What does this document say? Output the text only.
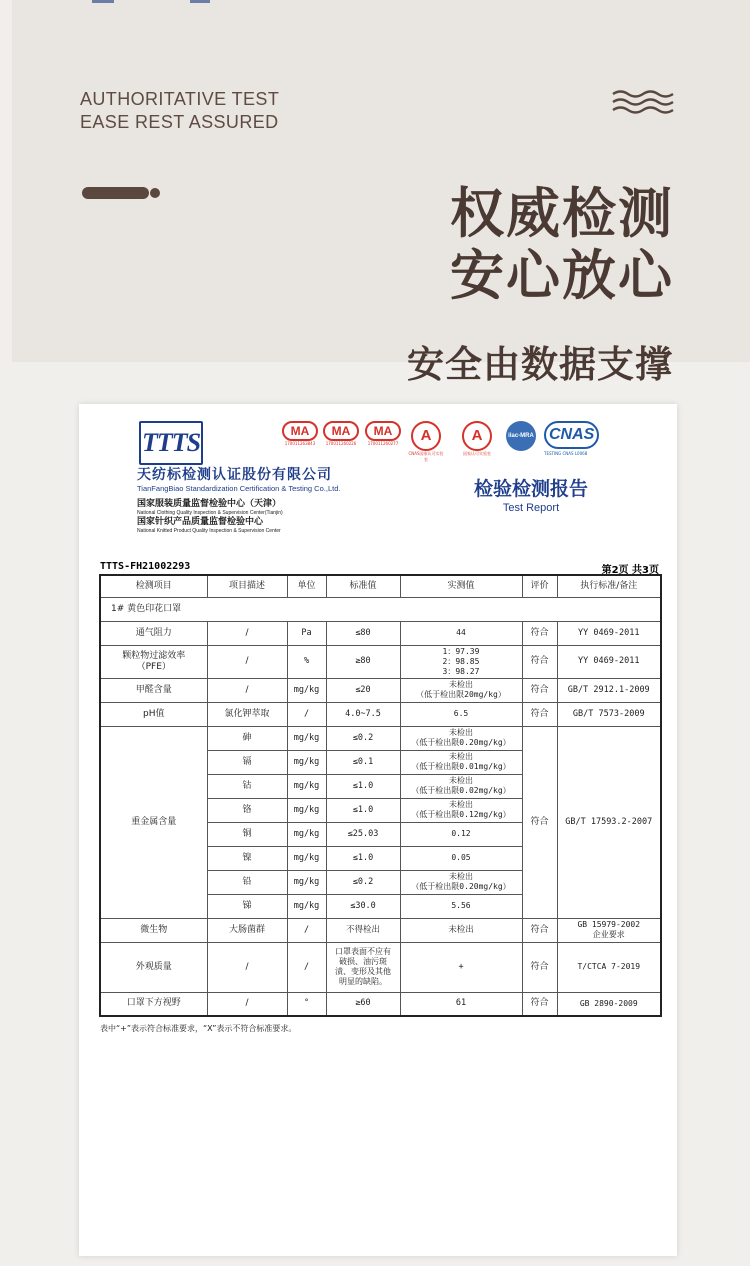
AUTHORITATIVE TEST
EASE REST ASSURED
权威检测
安心放心
安全由数据支撑
TTTS
天纺标检测认证股份有限公司
TianFangBiao Standardization Certification & Testing Co.,Ltd.
国家服装质量监督检验中心（天津）
National Clothing Quality Inspection & Supervision Center(Tianjin)
国家针织产品质量监督检验中心
National Knitted Product Quality Inspection & Supervision Center
MA
170011263843
MA
170011260226
MA
170011260277	A
CNAS国家认可实验室
A
国家认可实验室
ilac-MRA CNAS
TESTING CNAS L0068
检验检测报告
Test Report
TTTS-FH21002293	第2页 共3页
检测项目	项目描述	单位	标准值	实测值	评价	执行标准/备注
1# 黄色印花口罩						
通气阻力	/	Pa	≤80	44	符合	YY 0469-2011
颗粒物过滤效率
（PFE）	/	%	≥80	1：97.39
2：98.85
3：98.27	符合	YY 0469-2011
甲醛含量	/	mg/kg	≤20	未检出
（低于检出限20mg/kg）	符合	GB/T 2912.1-2009
pH值	氯化钾萃取	/	4.0~7.5	6.5	符合	GB/T 7573-2009
重金属含量	砷	mg/kg	≤0.2	未检出
（低于检出限0.20mg/kg）	符合	GB/T 17593.2-2007
	镉	mg/kg	≤0.1	未检出
（低于检出限0.01mg/kg）		
	钴	mg/kg	≤1.0	未检出
（低于检出限0.02mg/kg）		
	铬	mg/kg	≤1.0	未检出
（低于检出限0.12mg/kg）		
	铜	mg/kg	≤25.03	0.12		
	镍	mg/kg	≤1.0	0.05		
	铅	mg/kg	≤0.2	未检出
（低于检出限0.20mg/kg）		
	锑	mg/kg	≤30.0	5.56		
微生物	大肠菌群	/	不得检出	未检出	符合	GB 15979-2002
企业要求
外观质量	/	/	口罩表面不应有
破损、油污斑
渍、变形及其他
明显的缺陷。	+	符合	T/CTCA 7-2019
口罩下方视野	/	°	≥60	61	符合	GB 2890-2009
表中“+”表示符合标准要求，“X”表示不符合标准要求。
